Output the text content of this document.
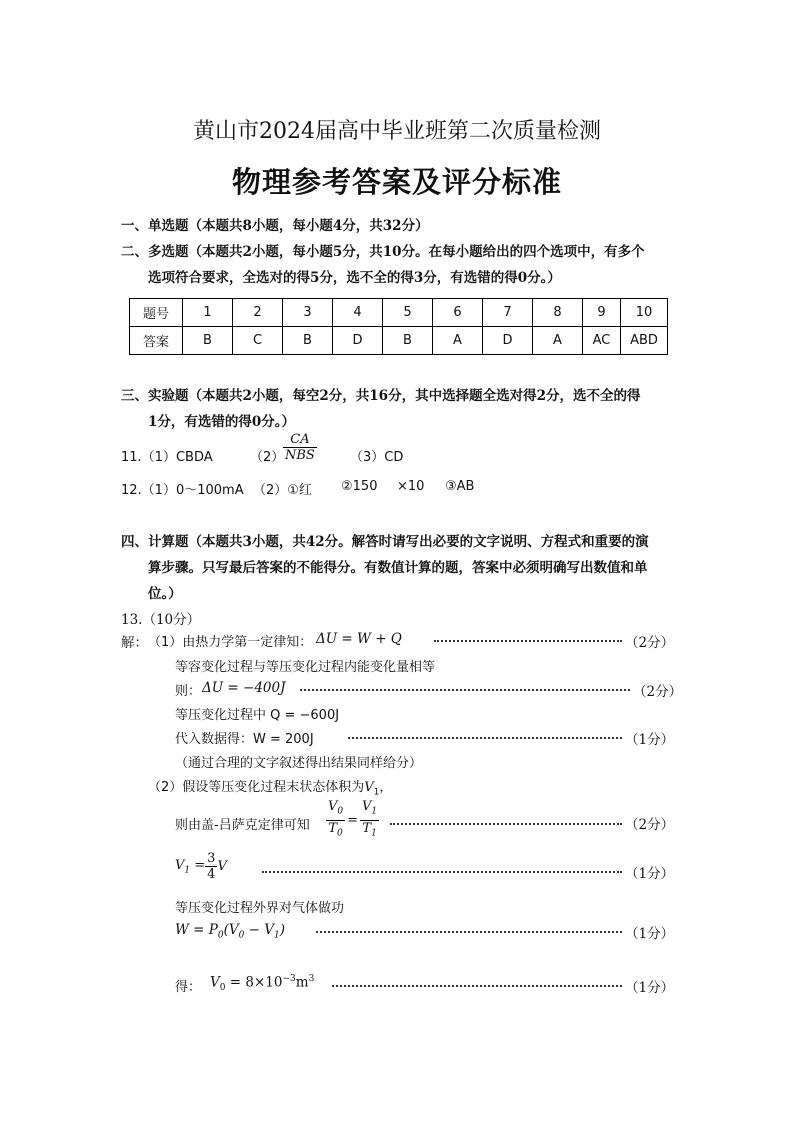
黄山市2024届高中毕业班第二次质量检测
物理参考答案及评分标准
一、单选题（本题共8小题，每小题4分，共32分）
二、多选题（本题共2小题，每小题5分，共10分。在每小题给出的四个选项中，有多个
选项符合要求，全选对的得5分，选不全的得3分，有选错的得0分。）
题号	1	2	3	4	5	6	7	8	9	10
答案	B	C	B	D	B	A	D	A	AC	ABD
三、实验题（本题共2小题，每空2分，共16分，其中选择题全选对得2分，选不全的得
1分，有选错的得0分。）
11.（1）CBDA	（2）
$\frac{CA}{\text{NBS}}$	（3）CD
12.（1）0～100mA （2）①红 ②150 ×10 ③AB
四、计算题（本题共3小题，共42分。解答时请写出必要的文字说明、方程式和重要的演
算步骤。只写最后答案的不能得分。有数值计算的题，答案中必须明确写出数值和单
位。）
13.（10分）
解： （1）由热力学第一定律知： ΔU = W + Q	（2分）
等容变化过程与等压变化过程内能变化量相等
则： ΔU = −400J	（2分）
等压变化过程中 Q = −600J
代入数据得：W = 200J	（1分）
（通过合理的文字叙述得出结果同样给分）
（2）假设等压变化过程末状态体积为$V_1$，
则由盖-吕萨克定律可知 $\frac{V_0}{T_0} = \frac{V_1}{T_1}$	（2分）
$V_1 = \frac{3}{4}$ V	（1分）
等压变化过程外界对气体做功
$W = P_0(V_0 - V_1)$	（1分）
得： $V_0 = 8\times 10^{-3}m^3$
（1分）
